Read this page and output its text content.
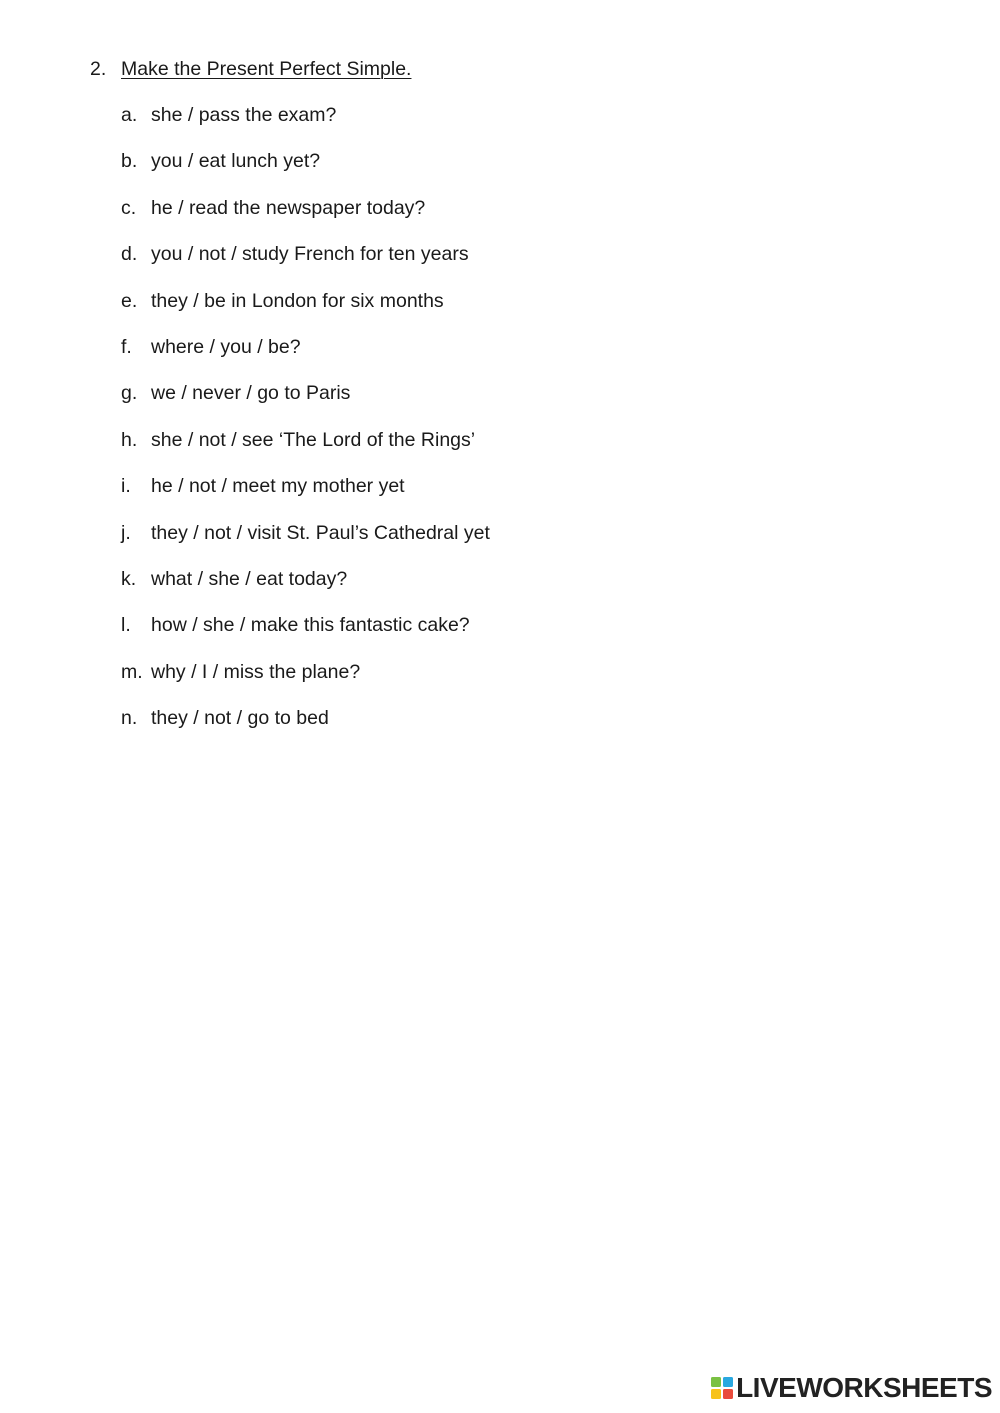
2. Make the Present Perfect Simple.
a. she / pass the exam?
b. you / eat lunch yet?
c. he / read the newspaper today?
d. you / not / study French for ten years
e. they / be in London for six months
f. where / you / be?
g. we / never / go to Paris
h. she / not / see ‘The Lord of the Rings’
i.	he / not / meet my mother yet
j.	they / not / visit St. Paul’s Cathedral yet
k. what / she / eat today?
l.	how / she / make this fantastic cake?
m. why / I / miss the plane?
n. they / not / go to bed
LIVEWORKSHEETS
